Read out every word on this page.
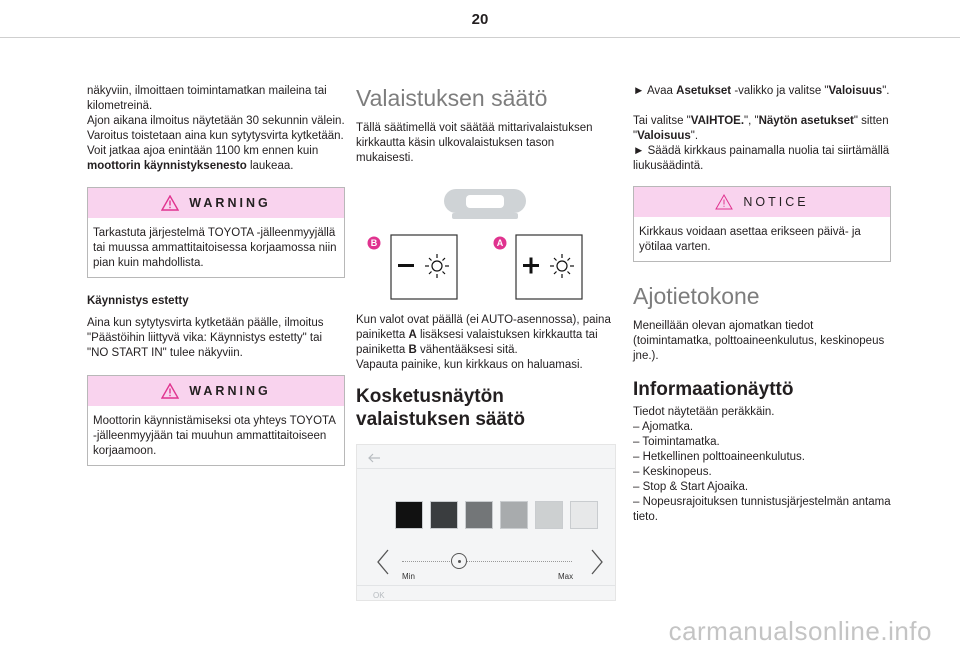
20

näkyviin, ilmoittaen toimintamatkan maileina tai kilometreinä.

Ajon aikana ilmoitus näytetään 30 sekunnin välein. Varoitus toistetaan aina kun sytytysvirta kytketään.

Voit jatkaa ajoa enintään 1100 km ennen kuin moottorin käynnistyksenesto laukeaa.

WARNING
Tarkastuta järjestelmä TOYOTA -jälleenmyyjällä tai muussa ammattitaitoisessa korjaamossa niin pian kuin mahdollista.

Käynnistys estetty

Aina kun sytytysvirta kytketään päälle, ilmoitus "Päästöihin liittyvä vika: Käynnistys estetty" tai "NO START IN" tulee näkyviin.

WARNING
Moottorin käynnistämiseksi ota yhteys TOYOTA -jälleenmyyjään tai muuhun ammattitaitoiseen korjaamoon.

Valaistuksen säätö

Tällä säätimellä voit säätää mittarivalaistuksen kirkkautta käsin ulkovalaistuksen tason mukaisesti.

B	A

Kun valot ovat päällä (ei AUTO-asennossa), paina painiketta A lisäksesi valaistuksen kirkkautta tai painiketta B vähentääksesi sitä.

Vapauta painike, kun kirkkaus on haluamasi.

Kosketusnäytön valaistuksen säätö

Min	Max
OK

► Avaa Asetukset -valikko ja valitse "Valoisuus".

Tai valitse "VAIHTOE.", "Näytön asetukset" sitten "Valoisuus".

► Säädä kirkkaus painamalla nuolia tai siirtämällä liukusäädintä.

NOTICE
Kirkkaus voidaan asettaa erikseen päivä- ja yötilaa varten.

Ajotietokone

Meneillään olevan ajomatkan tiedot (toimintamatka, polttoaineenkulutus, keskinopeus jne.).

Informaationäyttö

Tiedot näytetään peräkkäin.

– Ajomatka.

– Toimintamatka.

– Hetkellinen polttoaineenkulutus.

– Keskinopeus.

– Stop & Start Ajoaika.

– Nopeusrajoituksen tunnistusjärjestelmän antama tieto.

carmanualsonline.info
